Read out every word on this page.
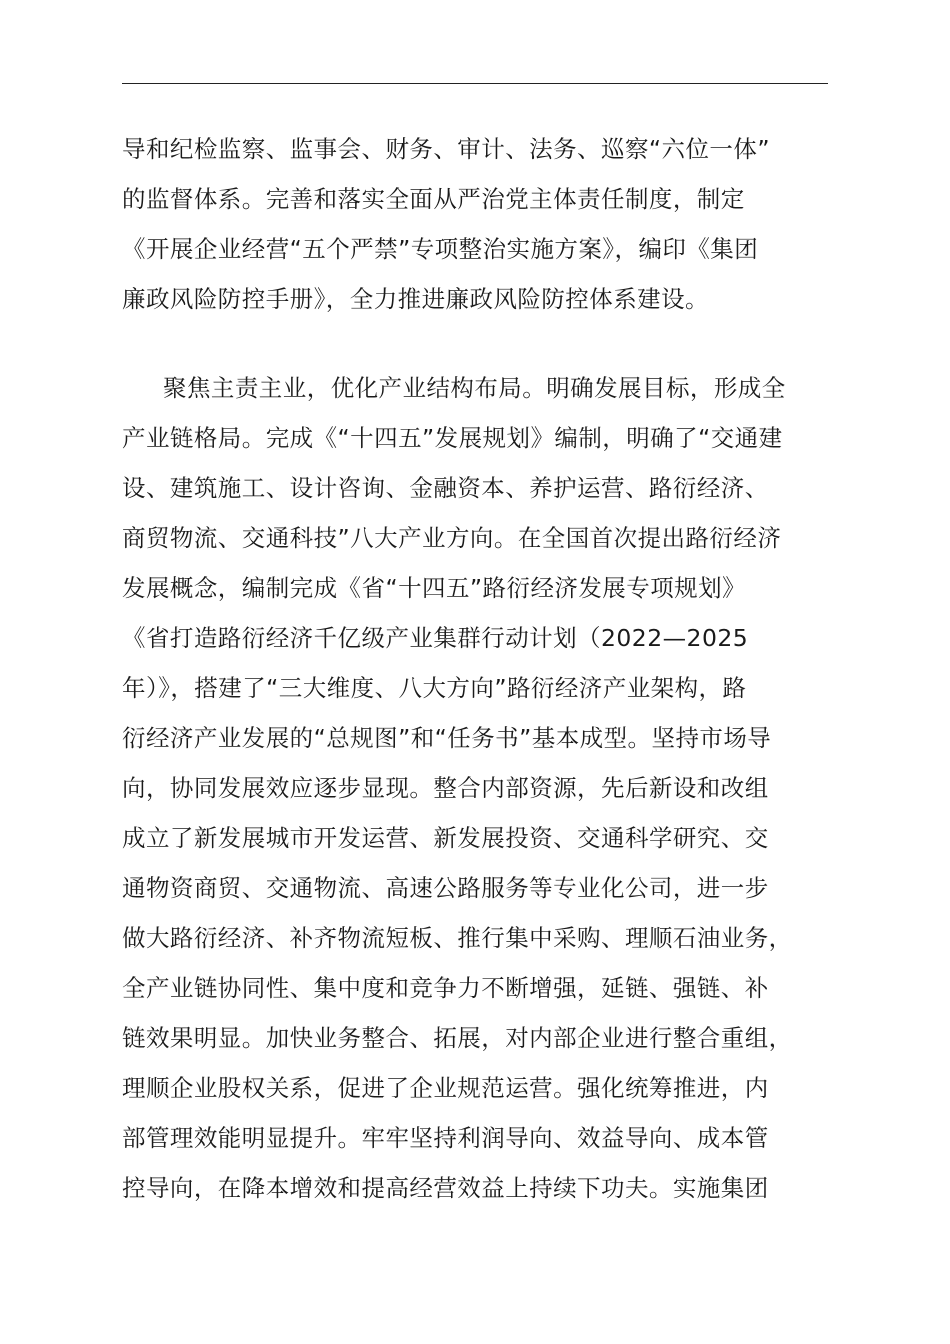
导和纪检监察、监事会、财务、审计、法务、巡察“六位一体”
的监督体系。完善和落实全面从严治党主体责任制度，制定
《开展企业经营“五个严禁”专项整治实施方案》，编印《集团
廉政风险防控手册》，全力推进廉政风险防控体系建设。
聚焦主责主业，优化产业结构布局。明确发展目标，形成全
产业链格局。完成《“十四五”发展规划》编制，明确了“交通建
设、建筑施工、设计咨询、金融资本、养护运营、路衍经济、
商贸物流、交通科技”八大产业方向。在全国首次提出路衍经济
发展概念，编制完成《省“十四五”路衍经济发展专项规划》
《省打造路衍经济千亿级产业集群行动计划（2022—2025
年）》，搭建了“三大维度、八大方向”路衍经济产业架构，路
衍经济产业发展的“总规图”和“任务书”基本成型。坚持市场导
向，协同发展效应逐步显现。整合内部资源，先后新设和改组
成立了新发展城市开发运营、新发展投资、交通科学研究、交
通物资商贸、交通物流、高速公路服务等专业化公司，进一步
做大路衍经济、补齐物流短板、推行集中采购、理顺石油业务，
全产业链协同性、集中度和竞争力不断增强，延链、强链、补
链效果明显。加快业务整合、拓展，对内部企业进行整合重组，
理顺企业股权关系，促进了企业规范运营。强化统筹推进，内
部管理效能明显提升。牢牢坚持利润导向、效益导向、成本管
控导向，在降本增效和提高经营效益上持续下功夫。实施集团
